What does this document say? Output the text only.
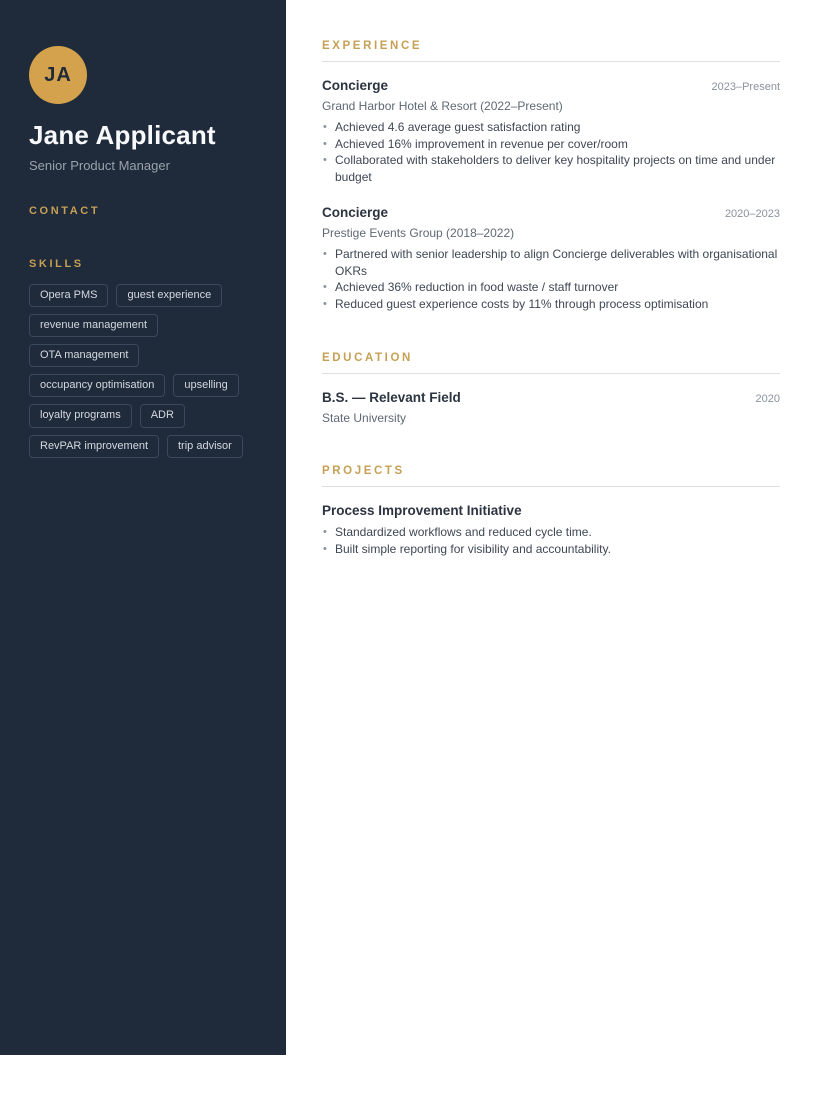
JA
Jane Applicant
Senior Product Manager
CONTACT
SKILLS
Opera PMS	guest experience
revenue management
OTA management
occupancy optimisation	upselling
loyalty programs	ADR
RevPAR improvement	trip advisor
EXPERIENCE
Concierge	2023–Present
Grand Harbor Hotel & Resort (2022–Present)
• Achieved 4.6 average guest satisfaction rating
• Achieved 16% improvement in revenue per cover/room
• Collaborated with stakeholders to deliver key hospitality projects on time and under budget
Concierge	2020–2023
Prestige Events Group (2018–2022)
• Partnered with senior leadership to align Concierge deliverables with organisational OKRs
• Achieved 36% reduction in food waste / staff turnover
• Reduced guest experience costs by 11% through process optimisation
EDUCATION
B.S. — Relevant Field	2020
State University
PROJECTS
Process Improvement Initiative
• Standardized workflows and reduced cycle time.
• Built simple reporting for visibility and accountability.
